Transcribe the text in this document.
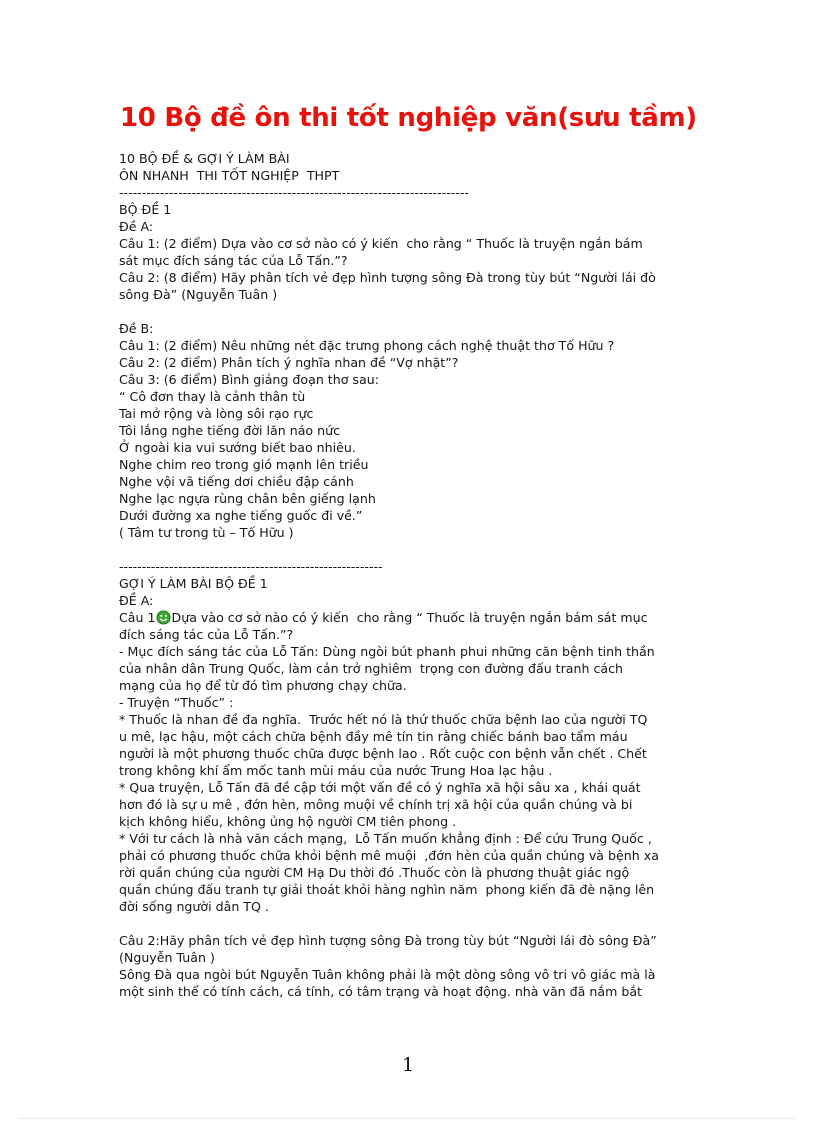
10 Bộ đề ôn thi tốt nghiệp văn(sưu tầm)
10 BỘ ĐỀ & GỢI Ý LÀM BÀI
ÔN NHANH  THI TỐT NGHIỆP  THPT
-----------------------------------------------------------------------------
BỘ ĐỀ 1
Đề A:
Câu 1: (2 điểm) Dựa vào cơ sở nào có ý kiến  cho rằng “ Thuốc là truyện ngắn bám
sát mục đích sáng tác của Lỗ Tấn.”?
Câu 2: (8 điểm) Hãy phân tích vẻ đẹp hình tượng sông Đà trong tùy bút “Người lái đò
sông Đà” (Nguyễn Tuân )
Đề B:
Câu 1: (2 điểm) Nêu những nét đặc trưng phong cách nghệ thuật thơ Tố Hữu ?
Câu 2: (2 điểm) Phân tích ý nghĩa nhan đề “Vợ nhặt”?
Câu 3: (6 điểm) Bình giảng đoạn thơ sau:
“ Cô đơn thay là cảnh thân tù
Tai mở rộng và lòng sôi rạo rực
Tôi lắng nghe tiếng đời lăn náo nức
Ở ngoài kia vui sướng biết bao nhiêu.
Nghe chim reo trong gió mạnh lên triều
Nghe vội vã tiếng dơi chiều đập cánh
Nghe lạc ngựa rùng chân bên giếng lạnh
Dưới đường xa nghe tiếng guốc đi về.”
( Tâm tư trong tù – Tố Hữu )
----------------------------------------------------------
GỢI Ý LÀM BÀI BỘ ĐỀ 1
ĐỀ A:
Câu 1 Dựa vào cơ sở nào có ý kiến  cho rằng “ Thuốc là truyện ngắn bám sát mục
đích sáng tác của Lỗ Tấn.”?
- Mục đích sáng tác của Lỗ Tấn: Dùng ngòi bút phanh phui những căn bệnh tinh thần
của nhân dân Trung Quốc, làm cản trở nghiêm  trọng con đường đấu tranh cách
mạng của họ để từ đó tìm phương chạy chữa.
- Truyện “Thuốc” :
* Thuốc là nhan đề đa nghĩa.  Trước hết nó là thứ thuốc chữa bệnh lao của người TQ
u mê, lạc hậu, một cách chữa bệnh đầy mê tín tin rằng chiếc bánh bao tẩm máu
người là một phương thuốc chữa được bệnh lao . Rốt cuộc con bệnh vẫn chết . Chết
trong không khí ẩm mốc tanh mùi máu của nước Trung Hoa lạc hậu .
* Qua truyện, Lỗ Tấn đã đề cập tới một vấn đề có ý nghĩa xã hội sâu xa , khái quát
hơn đó là sự u mê , đớn hèn, mông muội về chính trị xã hội của quần chúng và bi
kịch không hiểu, không ủng hộ người CM tiên phong .
* Với tư cách là nhà văn cách mạng,  Lỗ Tấn muốn khẳng định : Để cứu Trung Quốc ,
phải có phương thuốc chữa khỏi bệnh mê muội  ,đớn hèn của quần chúng và bệnh xa
rời quần chúng của người CM Hạ Du thời đó .Thuốc còn là phương thuật giác ngộ
quần chúng đấu tranh tự giải thoát khỏi hàng nghìn năm  phong kiến đã đè nặng lên
đời sống người dân TQ .
Câu 2:Hãy phân tích vẻ đẹp hình tượng sông Đà trong tùy bút “Người lái đò sông Đà”
(Nguyễn Tuân )
Sông Đà qua ngòi bút Nguyễn Tuân không phải là một dòng sông vô tri vô giác mà là
một sinh thể có tính cách, cá tính, có tâm trạng và hoạt động. nhà văn đã nắm bắt
1
